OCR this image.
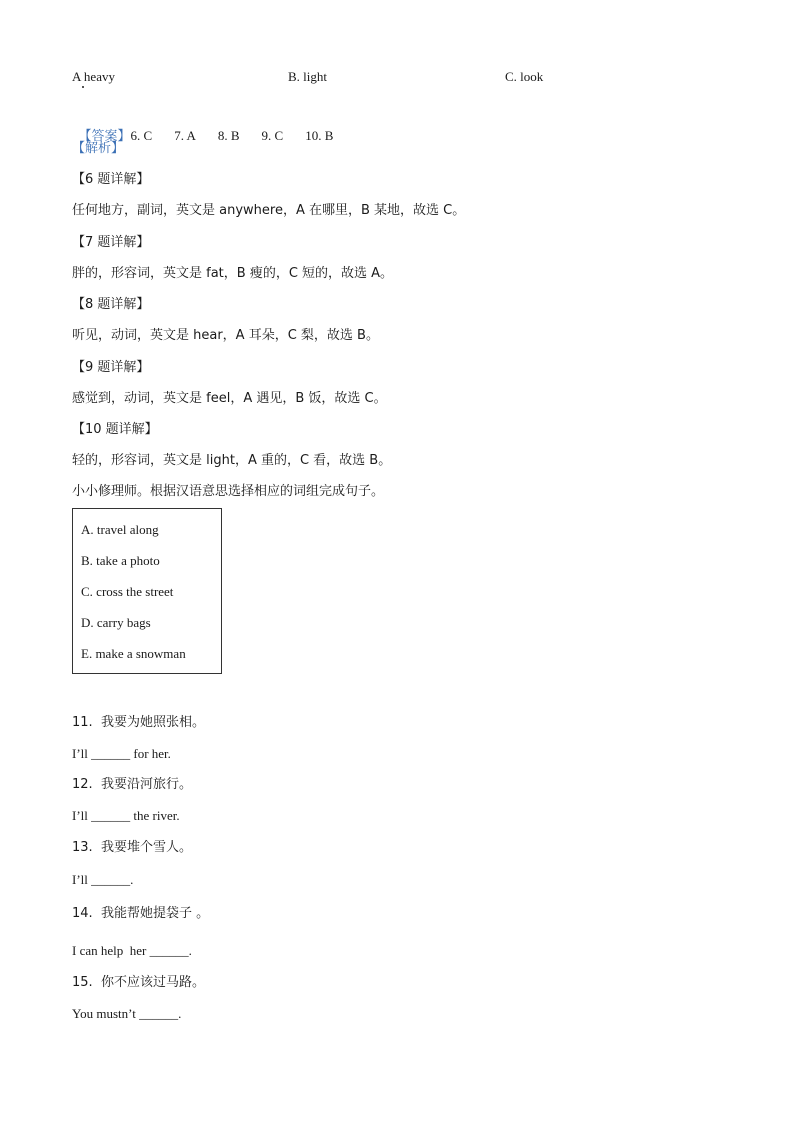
A heavy	B. light	C. look

【答案】6. C 7. A 8. B 9. C 10. B

【解析】
【6 题详解】
任何地方，副词，英文是 anywhere，A 在哪里，B 某地，故选 C。
【7 题详解】
胖的，形容词，英文是 fat，B 瘦的，C 短的，故选 A。
【8 题详解】
听见，动词，英文是 hear，A 耳朵，C 梨，故选 B。
【9 题详解】
感觉到，动词，英文是 feel，A 遇见，B 饭，故选 C。
【10 题详解】
轻的，形容词，英文是 light，A 重的，C 看，故选 B。
小小修理师。根据汉语意思选择相应的词组完成句子。
A. travel along
B. take a photo
C. cross the street
D. carry bags
E. make a snowman
11.  我要为她照张相。
I’ll ______ for her.
12.  我要沿河旅行。
I’ll ______ the river.
13.  我要堆个雪人。
I’ll ______.
14.  我能帮她提袋子 。
I can help  her ______.
15.  你不应该过马路。
You mustn’t ______.
